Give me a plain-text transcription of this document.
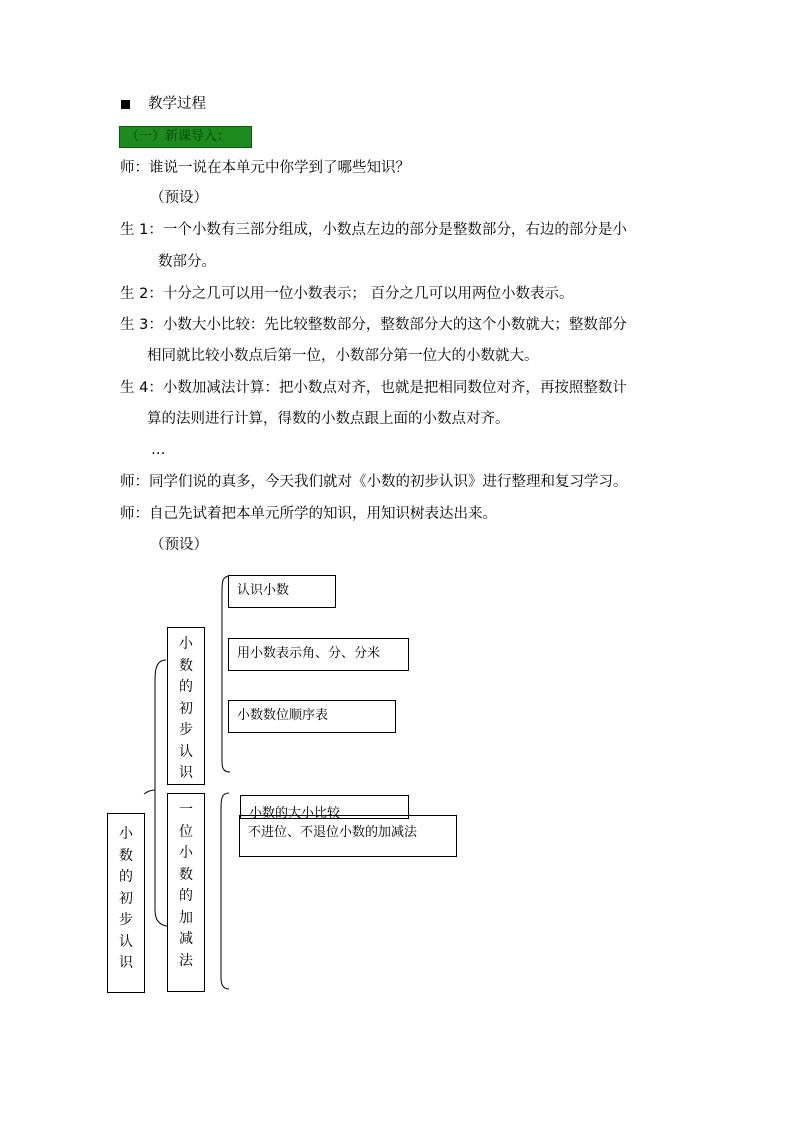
教学过程
（一）新课导入：
师：谁说一说在本单元中你学到了哪些知识？
（预设）
生 1：一个小数有三部分组成，小数点左边的部分是整数部分，右边的部分是小
数部分。
生 2：十分之几可以用一位小数表示； 百分之几可以用两位小数表示。
生 3：小数大小比较：先比较整数部分，整数部分大的这个小数就大；整数部分
相同就比较小数点后第一位，小数部分第一位大的小数就大。
生 4：小数加减法计算：把小数点对齐，也就是把相同数位对齐，再按照整数计
算的法则进行计算，得数的小数点跟上面的小数点对齐。
…
师：同学们说的真多，今天我们就对《小数的初步认识》进行整理和复习学习。
师：自己先试着把本单元所学的知识，用知识树表达出来。
（预设）
小
数
的
初
步
认
识
小
数
的
初
步
认
识
一
位
小
数
的
加
减
法
认识小数
用小数表示角、分、分米
小数数位顺序表
小数的大小比较
不进位、不退位小数的加减法
